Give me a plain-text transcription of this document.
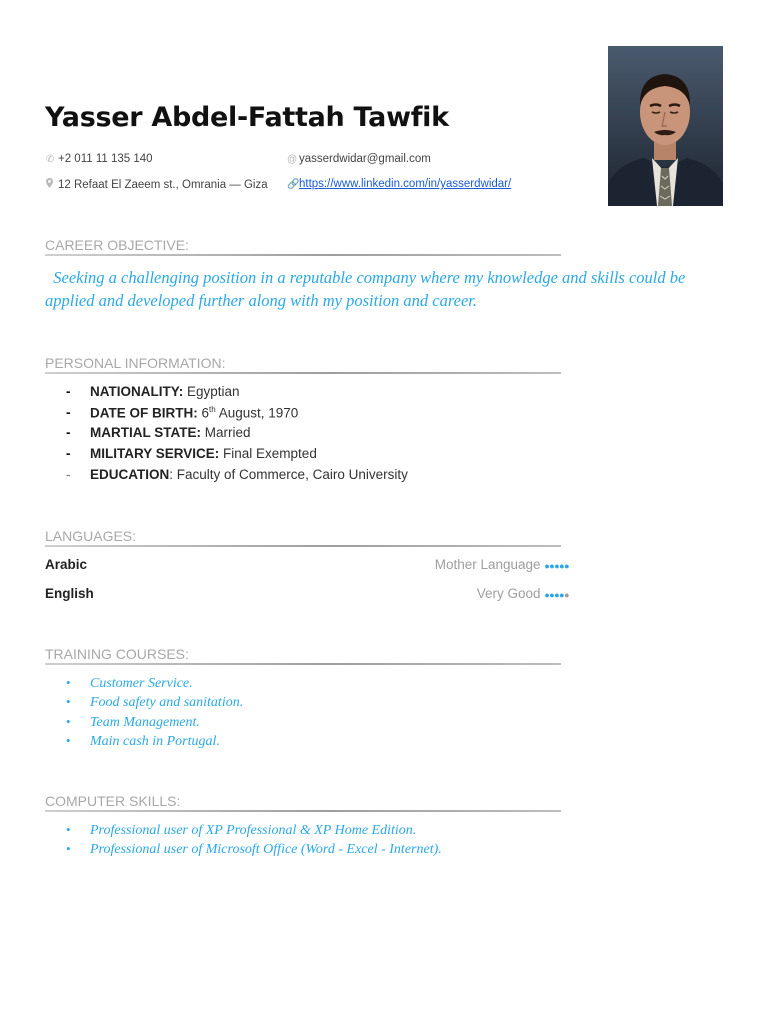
Yasser Abdel-Fattah Tawfik
✆ +2 011 11 135 140	@ yasserdwidar@gmail.com
12 Refaat El Zaeem st., Omrania — Giza 🔗https://www.linkedin.com/in/yasserdwidar/
CAREER OBJECTIVE:
Seeking a challenging position in a reputable company where my knowledge and skills could be applied and developed further along with my position and career.
PERSONAL INFORMATION:
- NATIONALITY: Egyptian
- DATE OF BIRTH: 6th August, 1970
- MARTIAL STATE: Married
- MILITARY SERVICE: Final Exempted
- EDUCATION: Faculty of Commerce, Cairo University
LANGUAGES:
Arabic	Mother Language ●●●●●
English	Very Good ●●●●●
TRAINING COURSES:
• Customer Service.
• Food safety and sanitation.
• Team Management.
• Main cash in Portugal.
COMPUTER SKILLS:
• Professional user of XP Professional & XP Home Edition.
• Professional user of Microsoft Office (Word - Excel - Internet).
